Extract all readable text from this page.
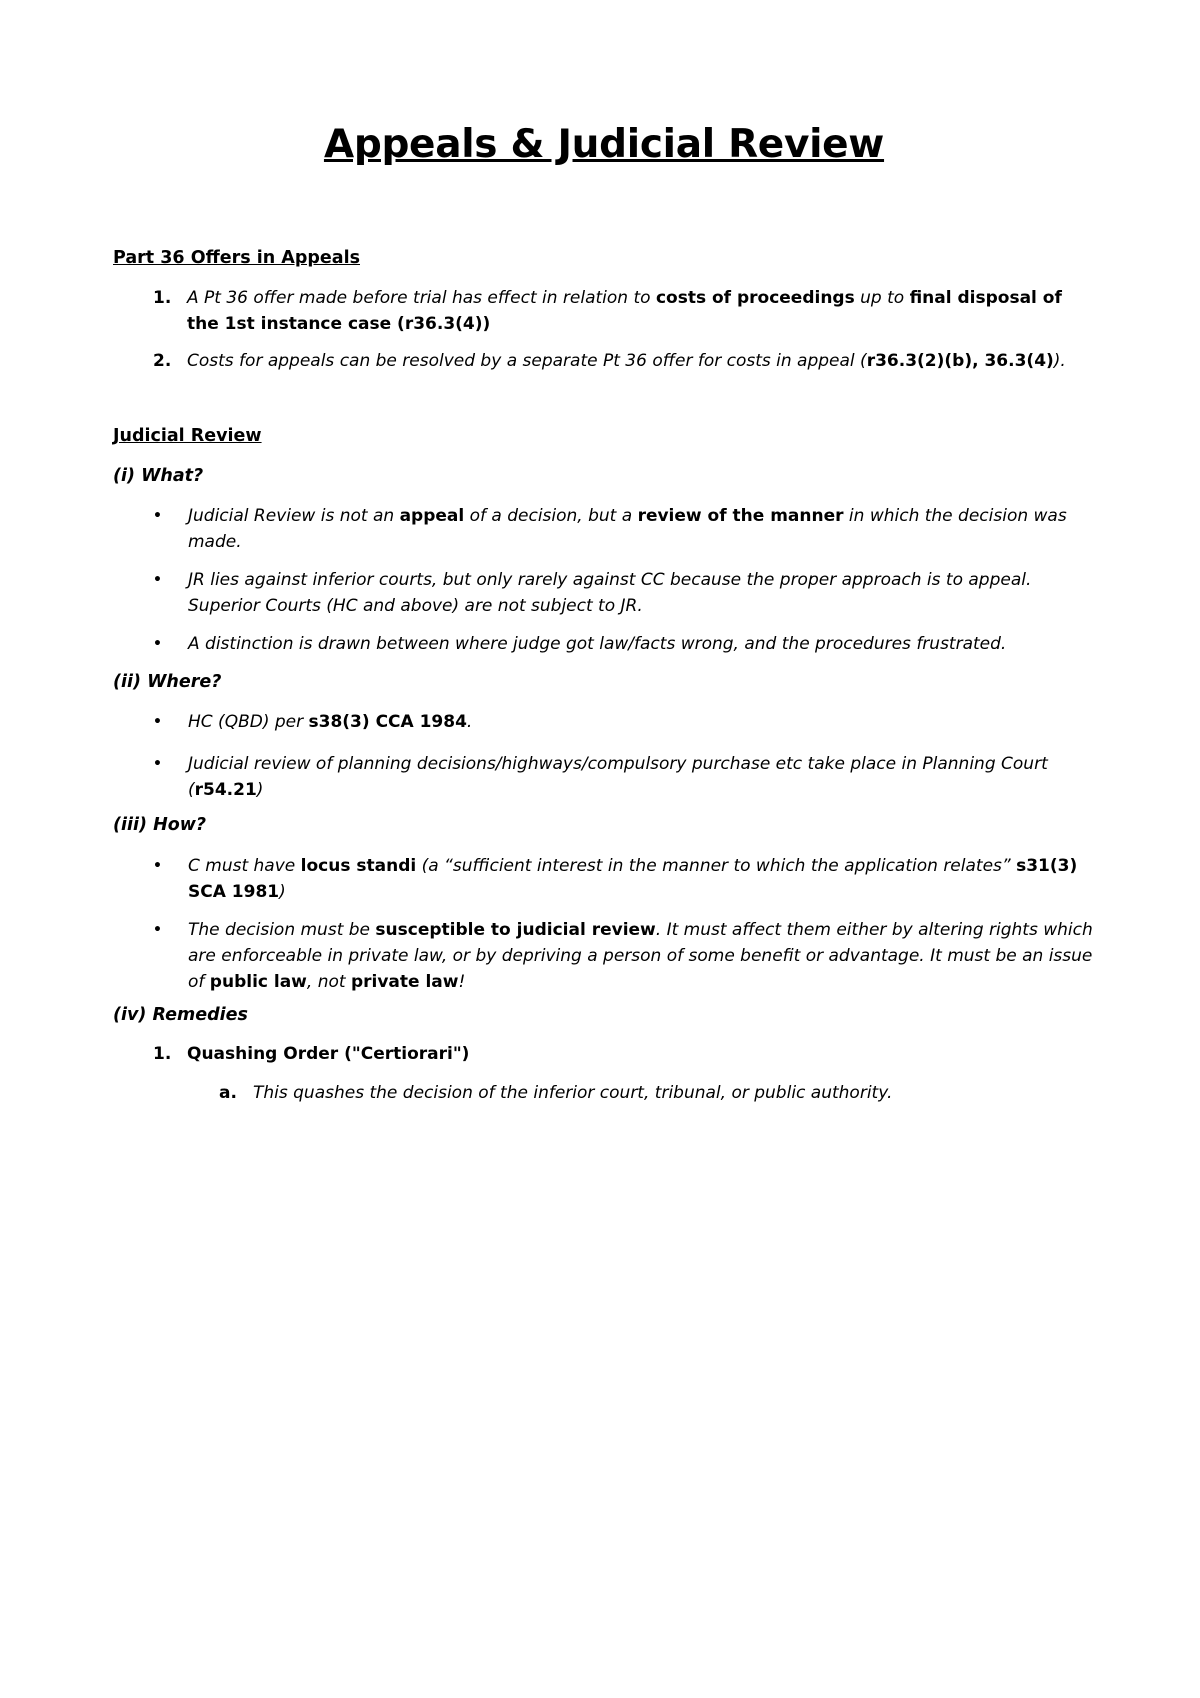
Appeals & Judicial Review
Part 36 Offers in Appeals
1. A Pt 36 offer made before trial has effect in relation to costs of proceedings up to final disposal of the 1st instance case (r36.3(4))
2. Costs for appeals can be resolved by a separate Pt 36 offer for costs in appeal (r36.3(2)(b), 36.3(4)).
Judicial Review
(i) What?
•	Judicial Review is not an appeal of a decision, but a review of the manner in which the decision was made.
•	JR lies against inferior courts, but only rarely against CC because the proper approach is to appeal. Superior Courts (HC and above) are not subject to JR.
•	A distinction is drawn between where judge got law/facts wrong, and the procedures frustrated.
(ii) Where?
•	HC (QBD) per s38(3) CCA 1984.
•	Judicial review of planning decisions/highways/compulsory purchase etc take place in Planning Court (r54.21)
(iii) How?
•	C must have locus standi (a “sufficient interest in the manner to which the application relates” s31(3) SCA 1981)
•	The decision must be susceptible to judicial review. It must affect them either by altering rights which are enforceable in private law, or by depriving a person of some benefit or advantage. It must be an issue of public law, not private law!
(iv) Remedies
1. Quashing Order ("Certiorari")
a. This quashes the decision of the inferior court, tribunal, or public authority.
